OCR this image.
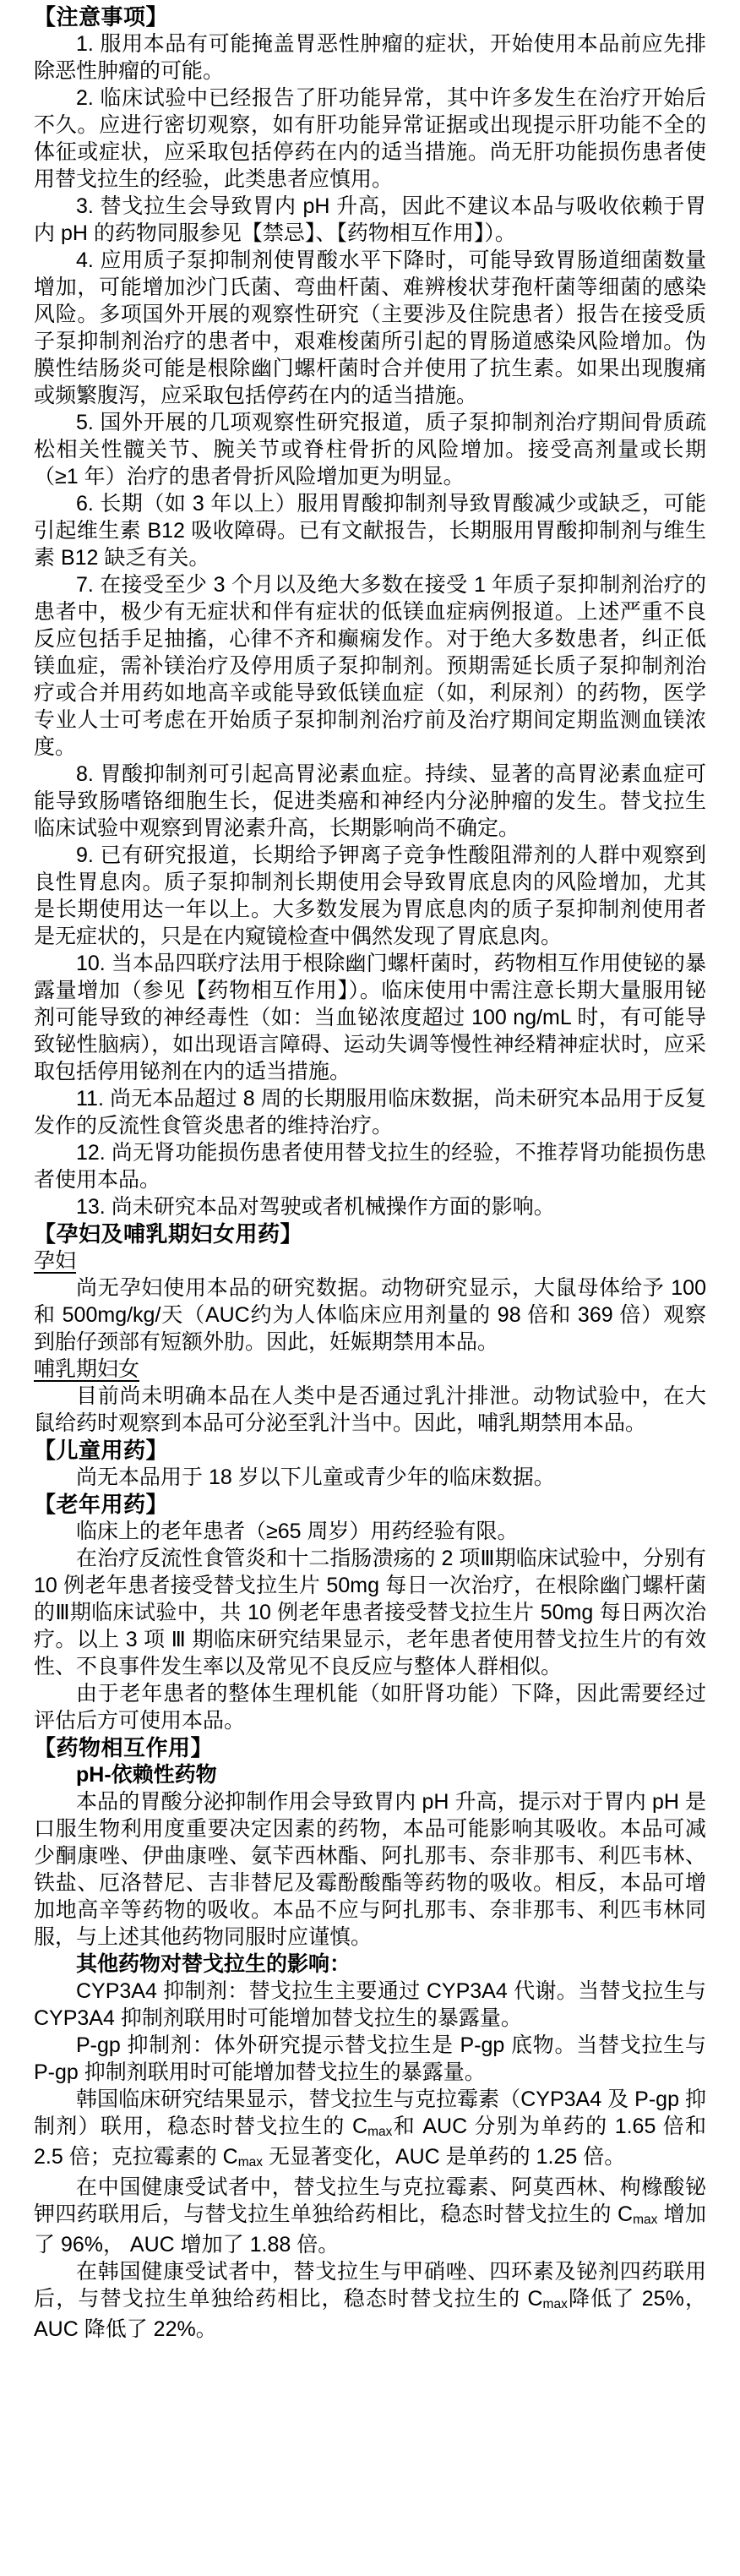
【注意事项】

1. 服用本品有可能掩盖胃恶性肿瘤的症状，开始使用本品前应先排除恶性肿瘤的可能。

2. 临床试验中已经报告了肝功能异常，其中许多发生在治疗开始后不久。应进行密切观察，如有肝功能异常证据或出现提示肝功能不全的体征或症状，应采取包括停药在内的适当措施。尚无肝功能损伤患者使用替戈拉生的经验，此类患者应慎用。

3. 替戈拉生会导致胃内 pH 升高，因此不建议本品与吸收依赖于胃内 pH 的药物同服参见【禁忌】、【药物相互作用】）。

4. 应用质子泵抑制剂使胃酸水平下降时，可能导致胃肠道细菌数量增加，可能增加沙门氏菌、弯曲杆菌、难辨梭状芽孢杆菌等细菌的感染风险。多项国外开展的观察性研究（主要涉及住院患者）报告在接受质子泵抑制剂治疗的患者中，艰难梭菌所引起的胃肠道感染风险增加。伪膜性结肠炎可能是根除幽门螺杆菌时合并使用了抗生素。如果出现腹痛或频繁腹泻，应采取包括停药在内的适当措施。

5. 国外开展的几项观察性研究报道，质子泵抑制剂治疗期间骨质疏松相关性髋关节、腕关节或脊柱骨折的风险增加。接受高剂量或长期（≥1 年）治疗的患者骨折风险增加更为明显。

6. 长期（如 3 年以上）服用胃酸抑制剂导致胃酸减少或缺乏，可能引起维生素 B12 吸收障碍。已有文献报告，长期服用胃酸抑制剂与维生素 B12 缺乏有关。

7. 在接受至少 3 个月以及绝大多数在接受 1 年质子泵抑制剂治疗的患者中，极少有无症状和伴有症状的低镁血症病例报道。上述严重不良反应包括手足抽搐，心律不齐和癫痫发作。对于绝大多数患者，纠正低镁血症，需补镁治疗及停用质子泵抑制剂。预期需延长质子泵抑制剂治疗或合并用药如地高辛或能导致低镁血症（如，利尿剂）的药物，医学专业人士可考虑在开始质子泵抑制剂治疗前及治疗期间定期监测血镁浓度。

8. 胃酸抑制剂可引起高胃泌素血症。持续、显著的高胃泌素血症可能导致肠嗜铬细胞生长，促进类癌和神经内分泌肿瘤的发生。替戈拉生临床试验中观察到胃泌素升高，长期影响尚不确定。

9. 已有研究报道，长期给予钾离子竞争性酸阻滞剂的人群中观察到良性胃息肉。质子泵抑制剂长期使用会导致胃底息肉的风险增加，尤其是长期使用达一年以上。大多数发展为胃底息肉的质子泵抑制剂使用者是无症状的，只是在内窥镜检查中偶然发现了胃底息肉。

10. 当本品四联疗法用于根除幽门螺杆菌时，药物相互作用使铋的暴露量增加（参见【药物相互作用】）。临床使用中需注意长期大量服用铋剂可能导致的神经毒性（如：当血铋浓度超过 100 ng/mL 时，有可能导致铋性脑病），如出现语言障碍、运动失调等慢性神经精神症状时，应采取包括停用铋剂在内的适当措施。

11. 尚无本品超过 8 周的长期服用临床数据，尚未研究本品用于反复发作的反流性食管炎患者的维持治疗。

12. 尚无肾功能损伤患者使用替戈拉生的经验，不推荐肾功能损伤患者使用本品。

13. 尚未研究本品对驾驶或者机械操作方面的影响。

【孕妇及哺乳期妇女用药】

孕妇

尚无孕妇使用本品的研究数据。动物研究显示，大鼠母体给予 100 和 500mg/kg/天（AUC约为人体临床应用剂量的 98 倍和 369 倍）观察到胎仔颈部有短额外肋。因此，妊娠期禁用本品。

哺乳期妇女

目前尚未明确本品在人类中是否通过乳汁排泄。动物试验中，在大鼠给药时观察到本品可分泌至乳汁当中。因此，哺乳期禁用本品。

【儿童用药】

尚无本品用于 18 岁以下儿童或青少年的临床数据。

【老年用药】

临床上的老年患者（≥65 周岁）用药经验有限。

在治疗反流性食管炎和十二指肠溃疡的 2 项Ⅲ期临床试验中，分别有 10 例老年患者接受替戈拉生片 50mg 每日一次治疗，在根除幽门螺杆菌的Ⅲ期临床试验中，共 10 例老年患者接受替戈拉生片 50mg 每日两次治疗。以上 3 项 Ⅲ 期临床研究结果显示，老年患者使用替戈拉生片的有效性、不良事件发生率以及常见不良反应与整体人群相似。

由于老年患者的整体生理机能（如肝肾功能）下降，因此需要经过评估后方可使用本品。

【药物相互作用】

pH-依赖性药物

本品的胃酸分泌抑制作用会导致胃内 pH 升高，提示对于胃内 pH 是口服生物利用度重要决定因素的药物，本品可能影响其吸收。本品可减少酮康唑、伊曲康唑、氨苄西林酯、阿扎那韦、奈非那韦、利匹韦林、铁盐、厄洛替尼、吉非替尼及霉酚酸酯等药物的吸收。相反，本品可增加地高辛等药物的吸收。本品不应与阿扎那韦、奈非那韦、利匹韦林同服，与上述其他药物同服时应谨慎。

其他药物对替戈拉生的影响：

CYP3A4 抑制剂：替戈拉生主要通过 CYP3A4 代谢。当替戈拉生与 CYP3A4 抑制剂联用时可能增加替戈拉生的暴露量。

P-gp 抑制剂：体外研究提示替戈拉生是 P-gp 底物。当替戈拉生与 P-gp 抑制剂联用时可能增加替戈拉生的暴露量。

韩国临床研究结果显示，替戈拉生与克拉霉素（CYP3A4 及 P-gp 抑制剂）联用，稳态时替戈拉生的 $C_{max}$和 AUC 分别为单药的 1.65 倍和 2.5 倍；克拉霉素的 $C_{max}$ 无显著变化，AUC 是单药的 1.25 倍。

在中国健康受试者中，替戈拉生与克拉霉素、阿莫西林、枸橼酸铋钾四药联用后，与替戈拉生单独给药相比，稳态时替戈拉生的 $C_{max}$ 增加了 96%， AUC 增加了 1.88 倍。

在韩国健康受试者中，替戈拉生与甲硝唑、四环素及铋剂四药联用后，与替戈拉生单独给药相比，稳态时替戈拉生的 $C_{max}$降低了 25%， AUC 降低了 22%。
